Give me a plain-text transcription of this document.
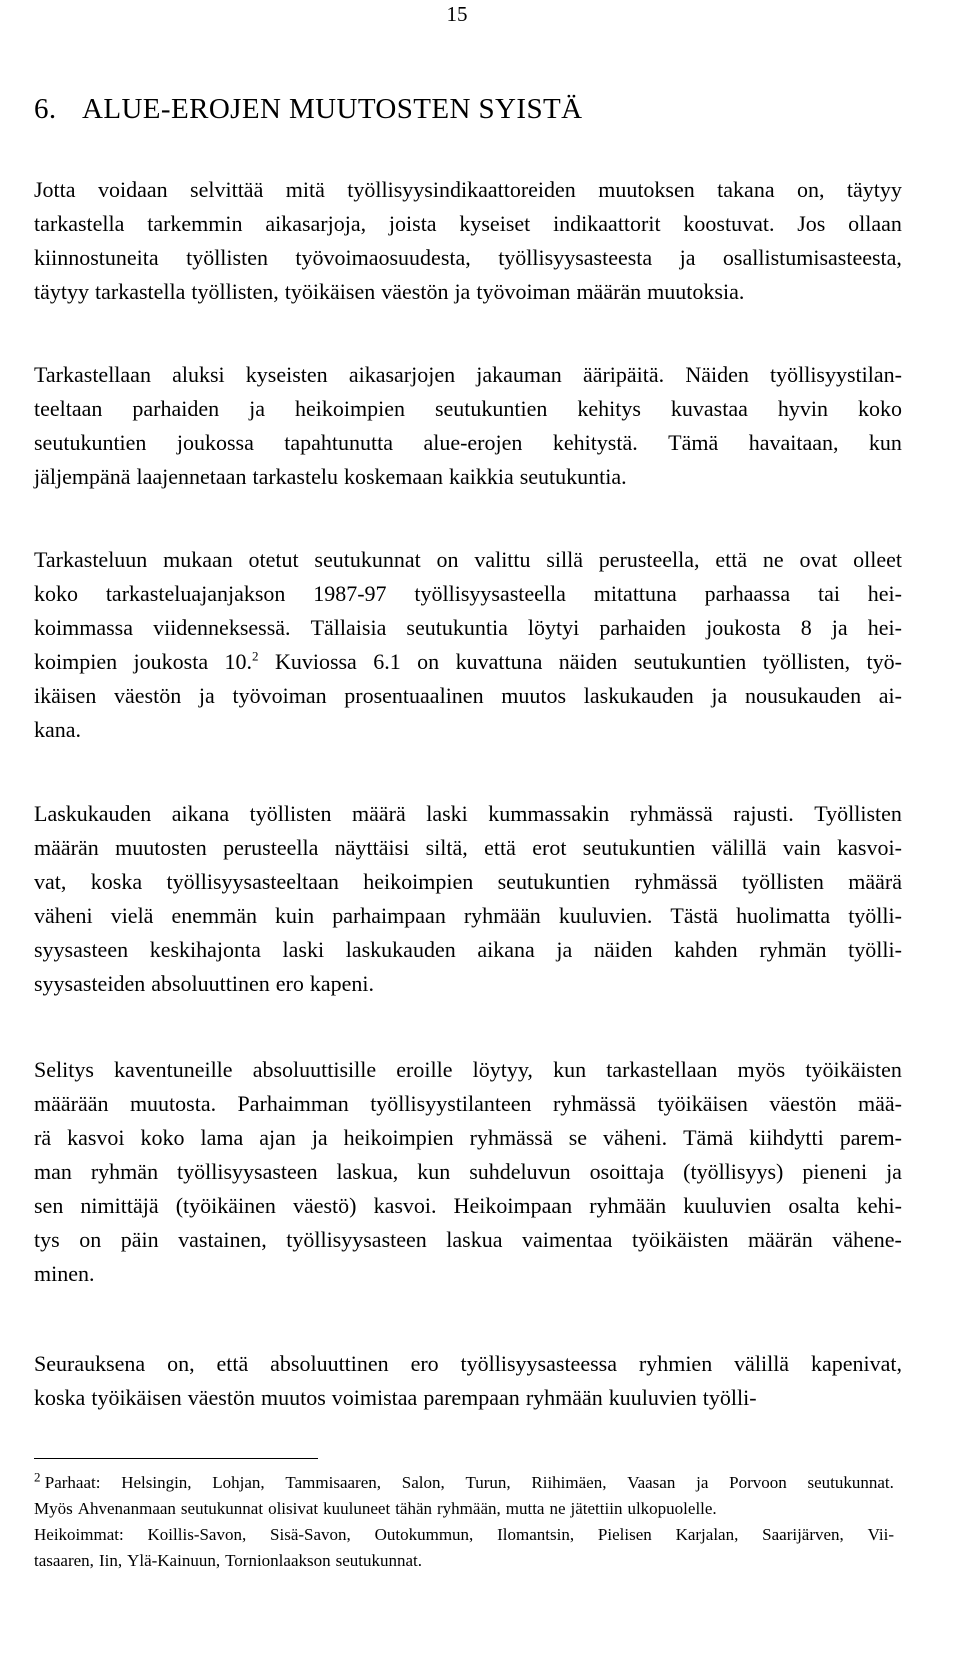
15
6. ALUE-EROJEN MUUTOSTEN SYISTÄ
Jotta voidaan selvittää mitä työllisyysindikaattoreiden muutoksen takana on, täytyy
tarkastella tarkemmin aikasarjoja, joista kyseiset indikaattorit koostuvat. Jos ollaan
kiinnostuneita työllisten työvoimaosuudesta, työllisyysasteesta ja osallistumisasteesta,
täytyy tarkastella työllisten, työikäisen väestön ja työvoiman määrän muutoksia.
Tarkastellaan aluksi kyseisten aikasarjojen jakauman ääripäitä. Näiden työllisyystilan-
teeltaan parhaiden ja heikoimpien seutukuntien kehitys kuvastaa hyvin koko
seutukuntien joukossa tapahtunutta alue-erojen kehitystä. Tämä havaitaan, kun
jäljempänä laajennetaan tarkastelu koskemaan kaikkia seutukuntia.
Tarkasteluun mukaan otetut seutukunnat on valittu sillä perusteella, että ne ovat olleet
koko tarkasteluajanjakson 1987-97 työllisyysasteella mitattuna parhaassa tai hei-
koimmassa viidenneksessä. Tällaisia seutukuntia löytyi parhaiden joukosta 8 ja hei-
koimpien joukosta 10.$^2$ Kuviossa 6.1 on kuvattuna näiden seutukuntien työllisten, työ-
ikäisen väestön ja työvoiman prosentuaalinen muutos laskukauden ja nousukauden ai-
kana.
Laskukauden aikana työllisten määrä laski kummassakin ryhmässä rajusti. Työllisten
määrän muutosten perusteella näyttäisi siltä, että erot seutukuntien välillä vain kasvoi-
vat, koska työllisyysasteeltaan heikoimpien seutukuntien ryhmässä työllisten määrä
väheni vielä enemmän kuin parhaimpaan ryhmään kuuluvien. Tästä huolimatta työlli-
syysasteen keskihajonta laski laskukauden aikana ja näiden kahden ryhmän työlli-
syysasteiden absoluuttinen ero kapeni.
Selitys kaventuneille absoluuttisille eroille löytyy, kun tarkastellaan myös työikäisten
määrään muutosta. Parhaimman työllisyystilanteen ryhmässä työikäisen väestön mää-
rä kasvoi koko lama ajan ja heikoimpien ryhmässä se väheni. Tämä kiihdytti parem-
man ryhmän työllisyysasteen laskua, kun suhdeluvun osoittaja (työllisyys) pieneni ja
sen nimittäjä (työikäinen väestö) kasvoi. Heikoimpaan ryhmään kuuluvien osalta kehi-
tys on päin vastainen, työllisyysasteen laskua vaimentaa työikäisten määrän vähene-
minen.
Seurauksena on, että absoluuttinen ero työllisyysasteessa ryhmien välillä kapenivat,
koska työikäisen väestön muutos voimistaa parempaan ryhmään kuuluvien työlli-
$^2$ Parhaat: Helsingin, Lohjan, Tammisaaren, Salon, Turun, Riihimäen, Vaasan ja Porvoon seutukunnat.
Myös Ahvenanmaan seutukunnat olisivat kuuluneet tähän ryhmään, mutta ne jätettiin ulkopuolelle.
Heikoimmat: Koillis-Savon, Sisä-Savon, Outokummun, Ilomantsin, Pielisen Karjalan, Saarijärven, Vii-
tasaaren, Iin, Ylä-Kainuun, Tornionlaakson seutukunnat.
